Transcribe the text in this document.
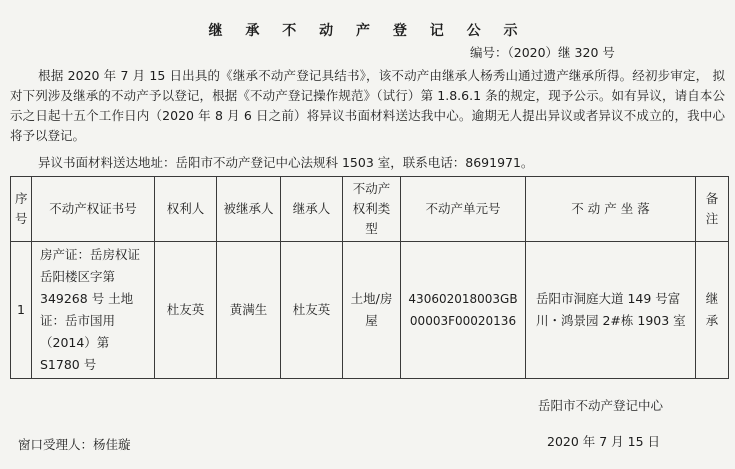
继 承 不 动 产 登 记 公 示
编号：（2020）继 320 号
根据 2020 年 7 月 15 日出具的《继承不动产登记具结书》，该不动产由继承人杨秀山通过遗产继承所得。经初步审定， 拟对下列涉及继承的不动产予以登记，根据《不动产登记操作规范》（试行）第 1.8.6.1 条的规定，现予公示。如有异议，请自本公示之日起十五个工作日内（2020 年 8 月 6 日之前）将异议书面材料送达我中心。逾期无人提出异议或者异议不成立的，我中心将予以登记。
异议书面材料送达地址：岳阳市不动产登记中心法规科 1503 室，联系电话：8691971。
序号	不动产权证书号	权利人	被继承人	继承人	不动产权利类型	不动产单元号	不 动 产 坐 落	备注
1	房产证：岳房权证岳阳楼区字第 349268 号 土地证：岳市国用（2014）第 S1780 号	杜友英	黄满生	杜友英	土地/房屋	430602018003GB00003F00020136	岳阳市洞庭大道 149 号富川・鸿景园 2#栋 1903 室	继承
岳阳市不动产登记中心
2020 年 7 月 15 日
窗口受理人：杨佳璇
